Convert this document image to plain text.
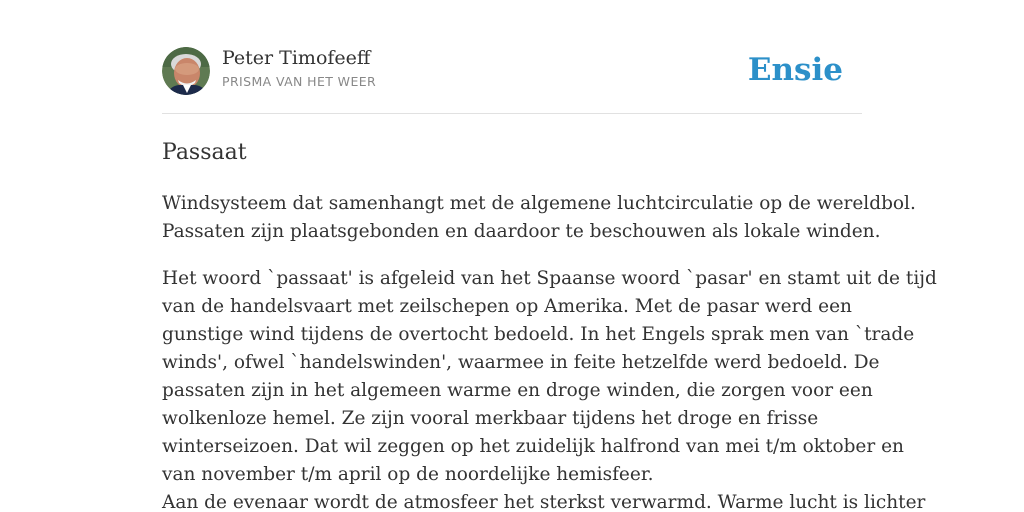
Peter Timofeeff
PRISMA VAN HET WEER	Ensie
Passaat

Windsysteem dat samenhangt met de algemene luchtcirculatie op de wereldbol.
Passaten zijn plaatsgebonden en daardoor te beschouwen als lokale winden.

Het woord `passaat' is afgeleid van het Spaanse woord `pasar' en stamt uit de tijd
van de handelsvaart met zeilschepen op Amerika. Met de pasar werd een
gunstige wind tijdens de overtocht bedoeld. In het Engels sprak men van `trade
winds', ofwel `handelswinden', waarmee in feite hetzelfde werd bedoeld. De
passaten zijn in het algemeen warme en droge winden, die zorgen voor een
wolkenloze hemel. Ze zijn vooral merkbaar tijdens het droge en frisse
winterseizoen. Dat wil zeggen op het zuidelijk halfrond van mei t/m oktober en
van november t/m april op de noordelijke hemisfeer.
Aan de evenaar wordt de atmosfeer het sterkst verwarmd. Warme lucht is lichter
